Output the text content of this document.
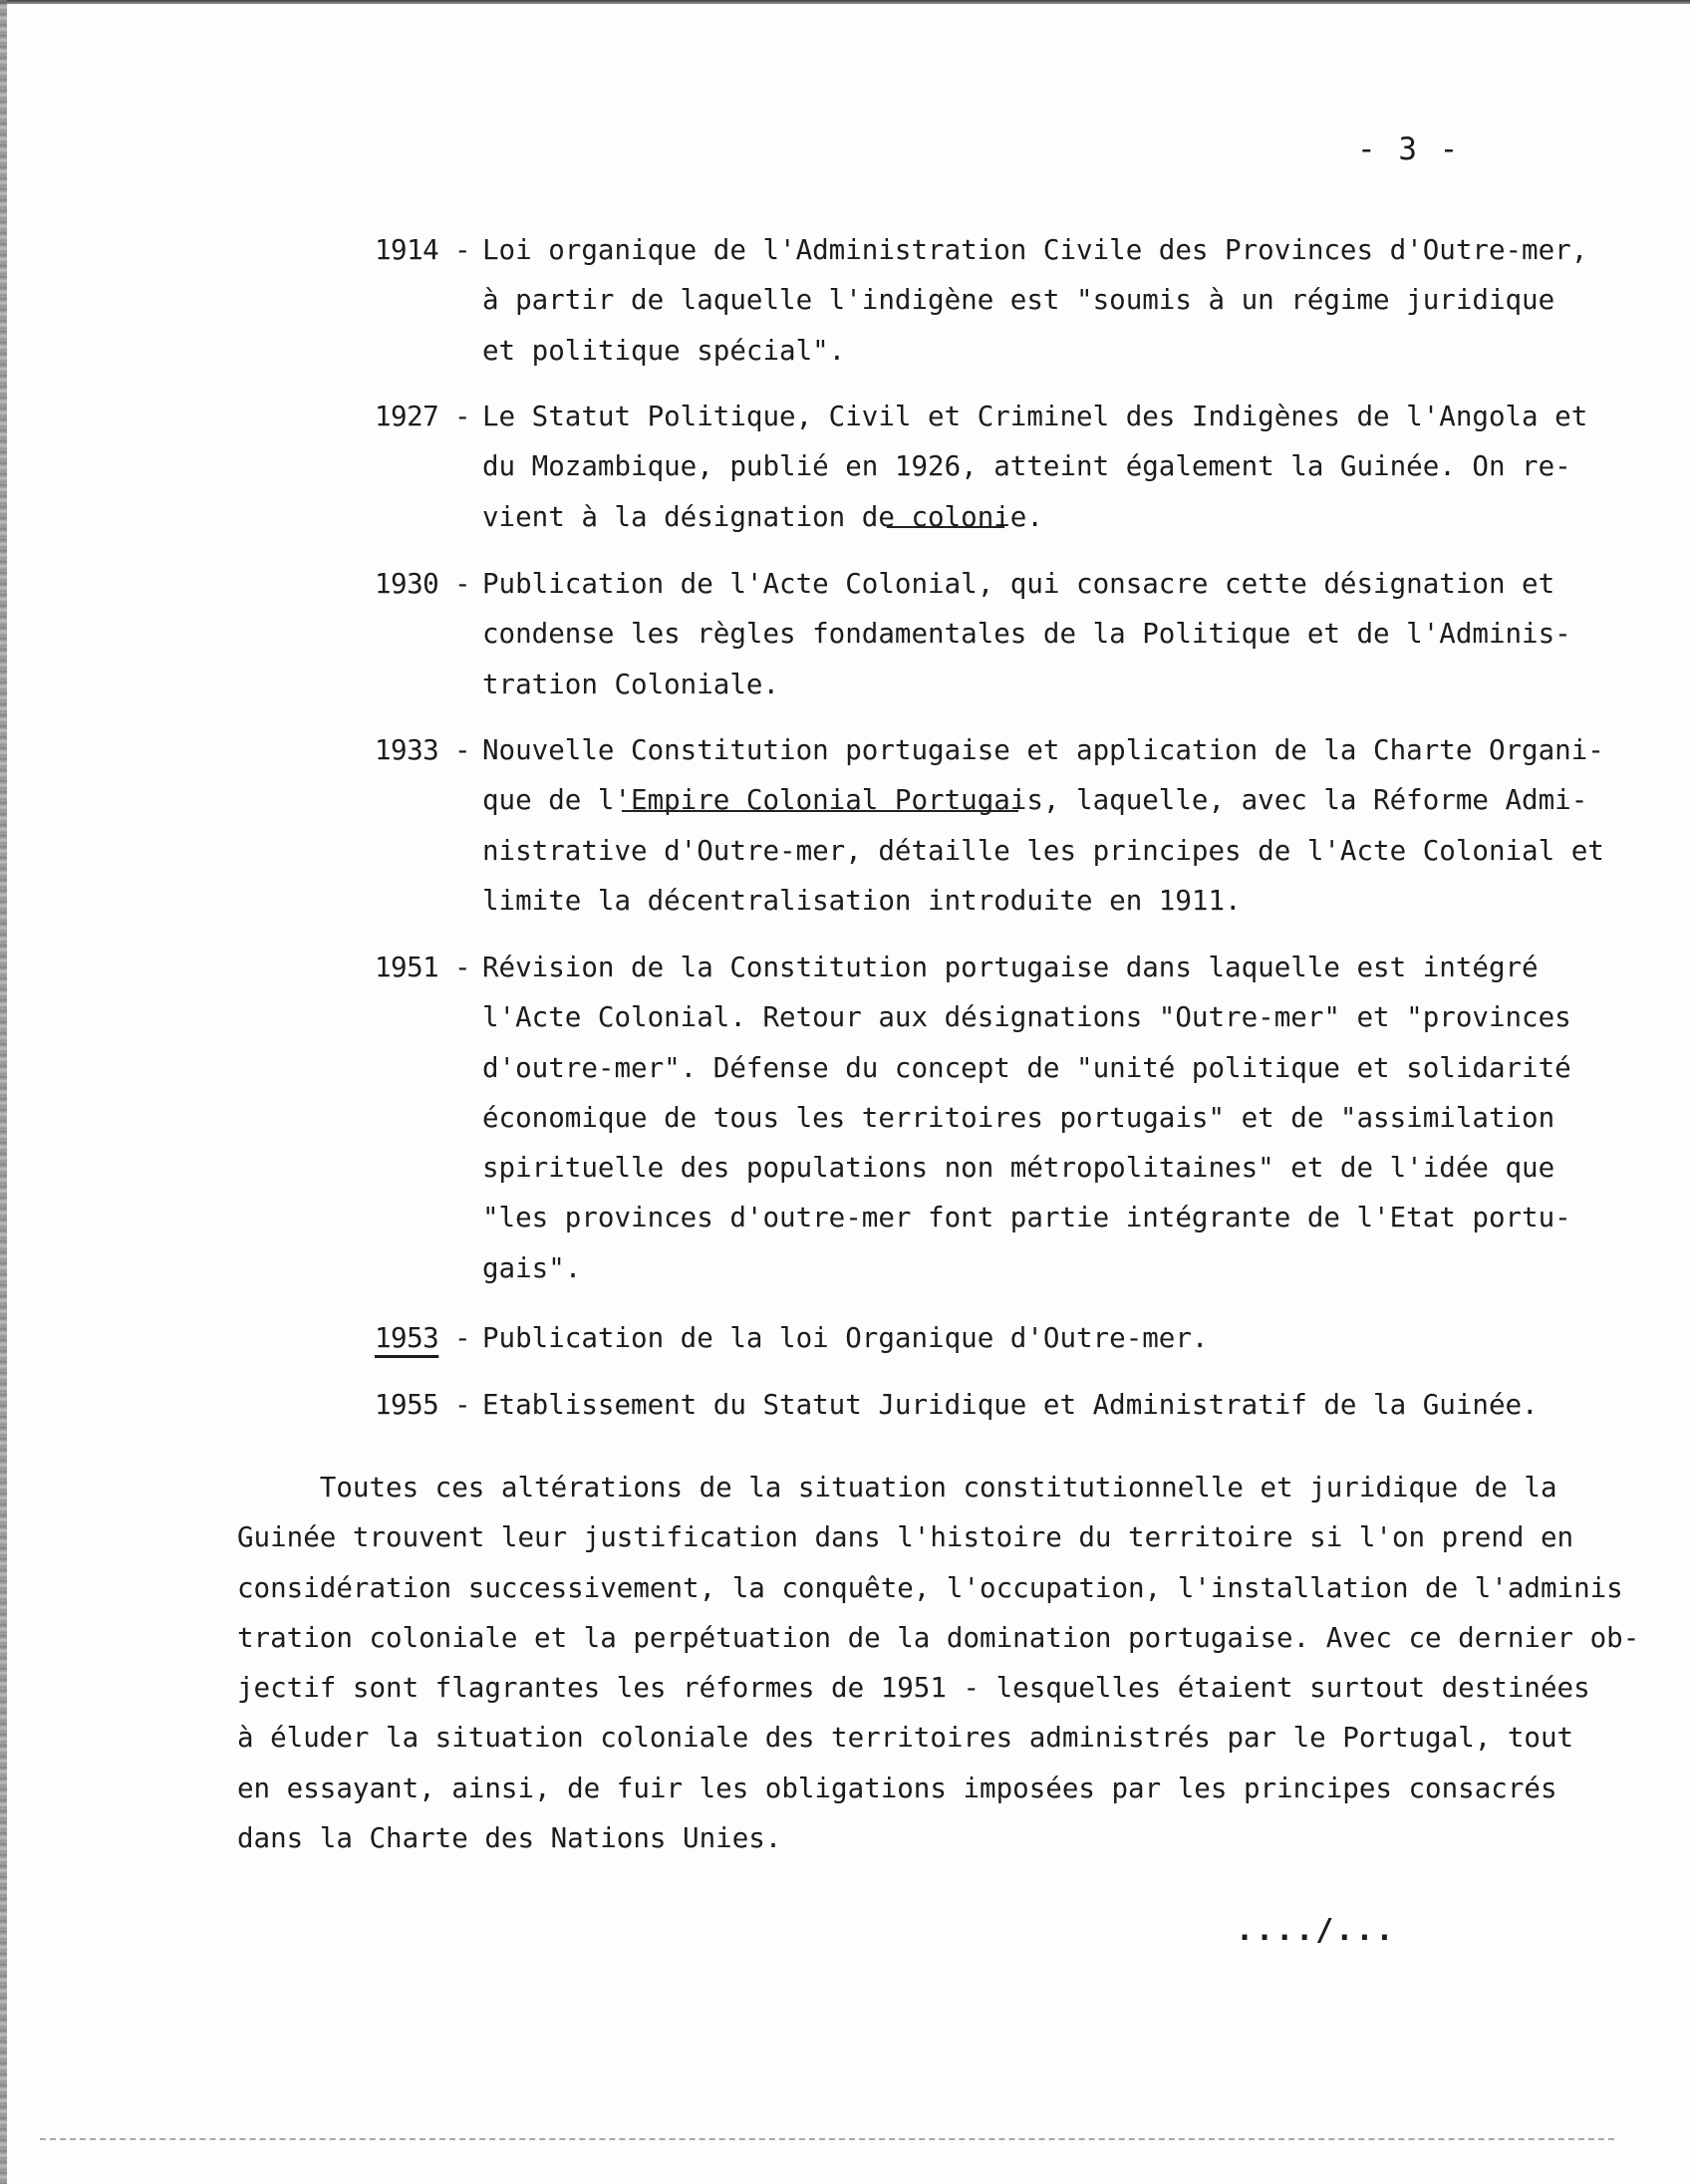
- 3 -
1914 - Loi organique de l'Administration Civile des Provinces d'Outre-mer,
à partir de laquelle l'indigène est "soumis à un régime juridique
et politique spécial".
1927 - Le Statut Politique, Civil et Criminel des Indigènes de l'Angola et
du Mozambique, publié en 1926, atteint également la Guinée. On re-
vient à la désignation de colonie.
1930 - Publication de l'Acte Colonial, qui consacre cette désignation et
condense les règles fondamentales de la Politique et de l'Adminis-
tration Coloniale.
1933 - Nouvelle Constitution portugaise et application de la Charte Organi-
que de l'Empire Colonial Portugais, laquelle, avec la Réforme Admi-
nistrative d'Outre-mer, détaille les principes de l'Acte Colonial et
limite la décentralisation introduite en 1911.
1951 - Révision de la Constitution portugaise dans laquelle est intégré
l'Acte Colonial. Retour aux désignations "Outre-mer" et "provinces
d'outre-mer". Défense du concept de "unité politique et solidarité
économique de tous les territoires portugais" et de "assimilation
spirituelle des populations non métropolitaines" et de l'idée que
"les provinces d'outre-mer font partie intégrante de l'Etat portu-
gais".
1953 - Publication de la loi Organique d'Outre-mer.
1955 - Etablissement du Statut Juridique et Administratif de la Guinée.
Toutes ces altérations de la situation constitutionnelle et juridique de la
Guinée trouvent leur justification dans l'histoire du territoire si l'on prend en
considération successivement, la conquête, l'occupation, l'installation de l'adminis
tration coloniale et la perpétuation de la domination portugaise. Avec ce dernier ob-
jectif sont flagrantes les réformes de 1951 - lesquelles étaient surtout destinées
à éluder la situation coloniale des territoires administrés par le Portugal, tout
en essayant, ainsi, de fuir les obligations imposées par les principes consacrés
dans la Charte des Nations Unies.
..../...
